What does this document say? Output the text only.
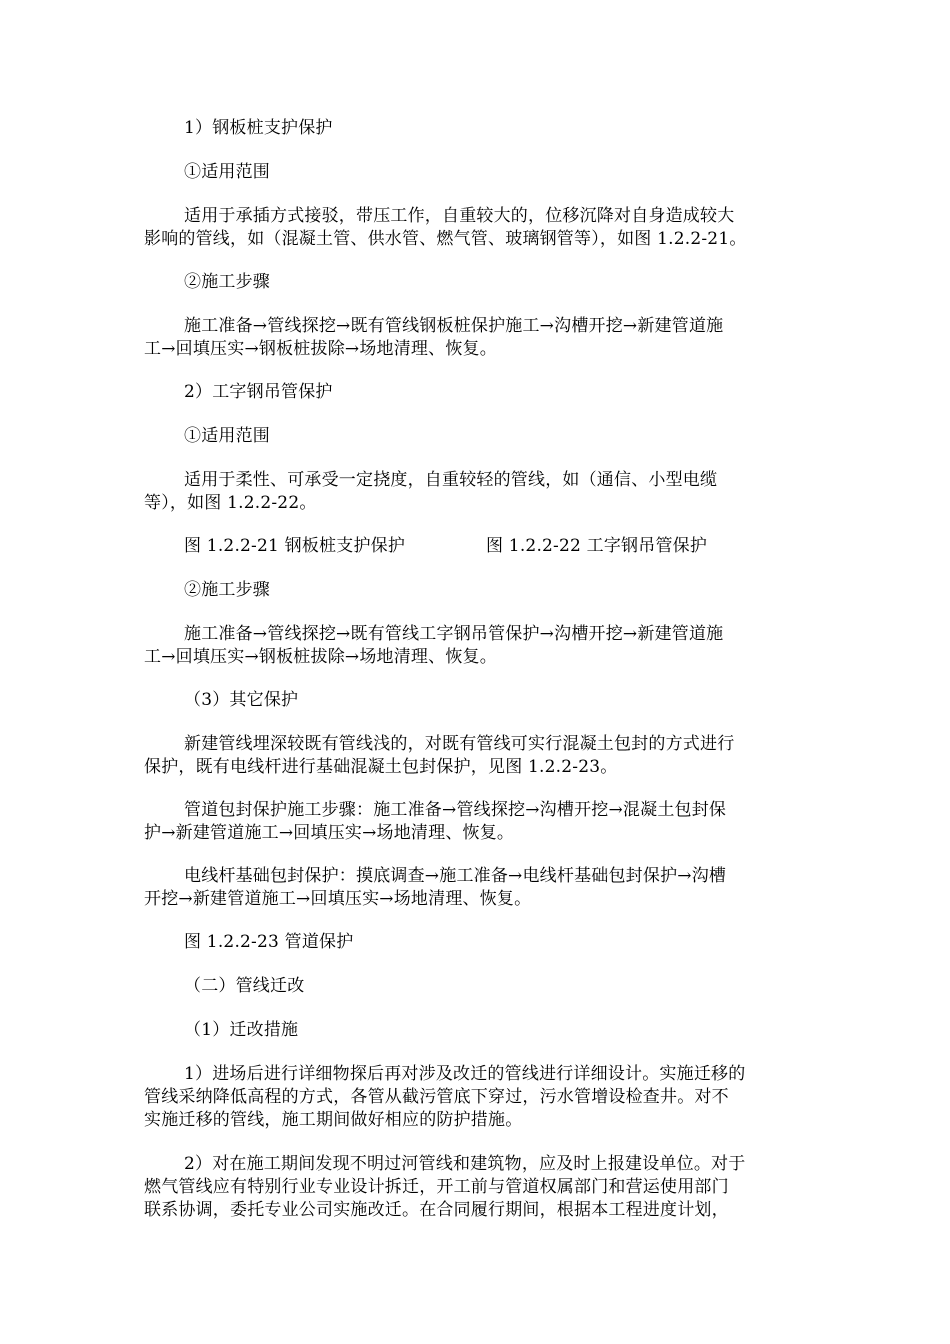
1）钢板桩支护保护
①适用范围
适用于承插方式接驳，带压工作，自重较大的，位移沉降对自身造成较大
影响的管线，如（混凝土管、供水管、燃气管、玻璃钢管等），如图 1.2.2-21。
②施工步骤
施工准备→管线探挖→既有管线钢板桩保护施工→沟槽开挖→新建管道施
工→回填压实→钢板桩拔除→场地清理、恢复。
2）工字钢吊管保护
①适用范围
适用于柔性、可承受一定挠度，自重较轻的管线，如（通信、小型电缆
等），如图 1.2.2-22。
图 1.2.2-21 钢板桩支护保护	图 1.2.2-22 工字钢吊管保护
②施工步骤
施工准备→管线探挖→既有管线工字钢吊管保护→沟槽开挖→新建管道施
工→回填压实→钢板桩拔除→场地清理、恢复。
（3）其它保护
新建管线埋深较既有管线浅的，对既有管线可实行混凝土包封的方式进行
保护，既有电线杆进行基础混凝土包封保护，见图 1.2.2-23。
管道包封保护施工步骤：施工准备→管线探挖→沟槽开挖→混凝土包封保
护→新建管道施工→回填压实→场地清理、恢复。
电线杆基础包封保护：摸底调查→施工准备→电线杆基础包封保护→沟槽
开挖→新建管道施工→回填压实→场地清理、恢复。
图 1.2.2-23 管道保护
（二）管线迁改
（1）迁改措施
1）进场后进行详细物探后再对涉及改迁的管线进行详细设计。实施迁移的
管线采纳降低高程的方式，各管从截污管底下穿过，污水管增设检查井。对不
实施迁移的管线，施工期间做好相应的防护措施。
2）对在施工期间发现不明过河管线和建筑物，应及时上报建设单位。对于
燃气管线应有特别行业专业设计拆迁，开工前与管道权属部门和营运使用部门
联系协调，委托专业公司实施改迁。在合同履行期间，根据本工程进度计划，
